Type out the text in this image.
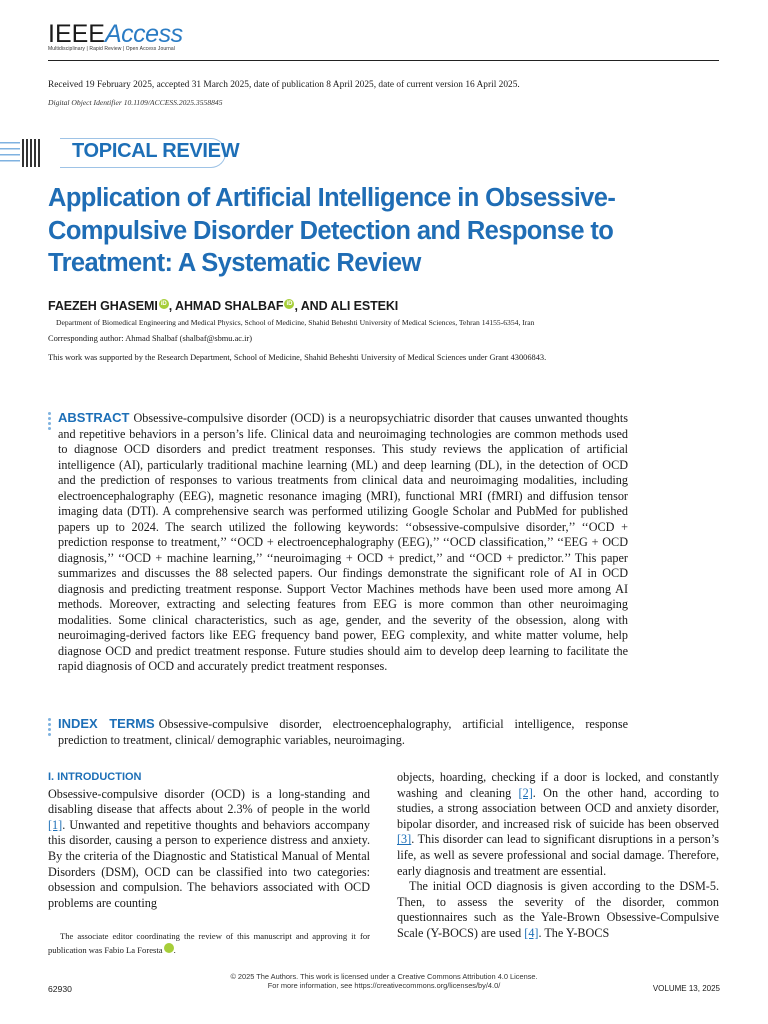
IEEEAccess
Multidisciplinary | Rapid Review | Open Access Journal
Received 19 February 2025, accepted 31 March 2025, date of publication 8 April 2025, date of current version 16 April 2025.
Digital Object Identifier 10.1109/ACCESS.2025.3558845
TOPICAL REVIEW
Application of Artificial Intelligence in Obsessive-Compulsive Disorder Detection and Response to Treatment: A Systematic Review
FAEZEH GHASEMI iD , AHMAD SHALBAF iD , AND ALI ESTEKI
Department of Biomedical Engineering and Medical Physics, School of Medicine, Shahid Beheshti University of Medical Sciences, Tehran 14155-6354, Iran
Corresponding author: Ahmad Shalbaf (shalbaf@sbmu.ac.ir)
This work was supported by the Research Department, School of Medicine, Shahid Beheshti University of Medical Sciences under Grant 43006843.
ABSTRACT Obsessive-compulsive disorder (OCD) is a neuropsychiatric disorder that causes unwanted thoughts and repetitive behaviors in a person’s life. Clinical data and neuroimaging technologies are common methods used to diagnose OCD disorders and predict treatment responses. This study reviews the application of artificial intelligence (AI), particularly traditional machine learning (ML) and deep learning (DL), in the detection of OCD and the prediction of responses to various treatments from clinical data and neuroimaging modalities, including electroencephalography (EEG), magnetic resonance imaging (MRI), functional MRI (fMRI) and diffusion tensor imaging data (DTI). A comprehensive search was performed utilizing Google Scholar and PubMed for published papers up to 2024. The search utilized the following keywords: ‘‘obsessive-compulsive disorder,’’ ‘‘OCD + prediction response to treatment,’’ ‘‘OCD + electroencephalography (EEG),’’ ‘‘OCD classification,’’ ‘‘EEG + OCD diagnosis,’’ ‘‘OCD + machine learning,’’ ‘‘neuroimaging + OCD + predict,’’ and ‘‘OCD + predictor.’’ This paper summarizes and discusses the 88 selected papers. Our findings demonstrate the significant role of AI in OCD diagnosis and predicting treatment response. Support Vector Machines methods have been used more among AI methods. Moreover, extracting and selecting features from EEG is more common than other neuroimaging modalities. Some clinical characteristics, such as age, gender, and the severity of the obsession, along with neuroimaging-derived factors like EEG frequency band power, EEG complexity, and white matter volume, help diagnose OCD and predict treatment response. Future studies should aim to develop deep learning to facilitate the rapid diagnosis of OCD and accurately predict treatment responses.
INDEX TERMS Obsessive-compulsive disorder, electroencephalography, artificial intelligence, response prediction to treatment, clinical/ demographic variables, neuroimaging.
I. INTRODUCTION

Obsessive-compulsive disorder (OCD) is a long-standing and disabling disease that affects about 2.3% of people in the world [1]. Unwanted and repetitive thoughts and behaviors accompany this disorder, causing a person to experience distress and anxiety. By the criteria of the Diagnostic and Statistical Manual of Mental Disorders (DSM), OCD can be classified into two categories: obsession and compulsion. The behaviors associated with OCD problems are counting

objects, hoarding, checking if a door is locked, and constantly washing and cleaning [2]. On the other hand, according to studies, a strong association between OCD and anxiety disorder, bipolar disorder, and increased risk of suicide has been observed [3]. This disorder can lead to significant disruptions in a person’s life, as well as severe professional and social damage. Therefore, early diagnosis and treatment are essential.

The initial OCD diagnosis is given according to the DSM-5. Then, to assess the severity of the disorder, common questionnaires such as the Yale-Brown Obsessive-Compulsive Scale (Y-BOCS) are used [4]. The Y-BOCS

The associate editor coordinating the review of this manuscript and approving it for publication was Fabio La Foresta iD.

© 2025 The Authors. This work is licensed under a Creative Commons Attribution 4.0 License.
For more information, see https://creativecommons.org/licenses/by/4.0/
62930	VOLUME 13, 2025
